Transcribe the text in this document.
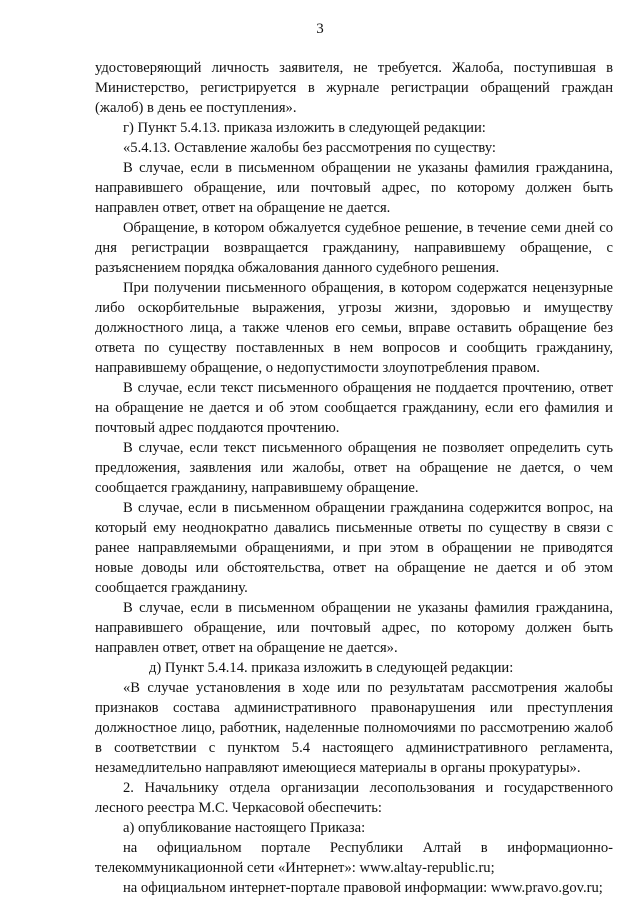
3

удостоверяющий личность заявителя, не требуется. Жалоба, поступившая в Министерство, регистрируется в журнале регистрации обращений граждан (жалоб) в день ее поступления».

г) Пункт 5.4.13. приказа изложить в следующей редакции:

«5.4.13. Оставление жалобы без рассмотрения по существу:

В случае, если в письменном обращении не указаны фамилия гражданина, направившего обращение, или почтовый адрес, по которому должен быть направлен ответ, ответ на обращение не дается.

Обращение, в котором обжалуется судебное решение, в течение семи дней со дня регистрации возвращается гражданину, направившему обращение, с разъяснением порядка обжалования данного судебного решения.

При получении письменного обращения, в котором содержатся нецензурные либо оскорбительные выражения, угрозы жизни, здоровью и имуществу должностного лица, а также членов его семьи, вправе оставить обращение без ответа по существу поставленных в нем вопросов и сообщить гражданину, направившему обращение, о недопустимости злоупотребления правом.

В случае, если текст письменного обращения не поддается прочтению, ответ на обращение не дается и об этом сообщается гражданину, если его фамилия и почтовый адрес поддаются прочтению.

В случае, если текст письменного обращения не позволяет определить суть предложения, заявления или жалобы, ответ на обращение не дается, о чем сообщается гражданину, направившему обращение.

В случае, если в письменном обращении гражданина содержится вопрос, на который ему неоднократно давались письменные ответы по существу в связи с ранее направляемыми обращениями, и при этом в обращении не приводятся новые доводы или обстоятельства, ответ на обращение не дается и об этом сообщается гражданину.

В случае, если в письменном обращении не указаны фамилия гражданина, направившего обращение, или почтовый адрес, по которому должен быть направлен ответ, ответ на обращение не дается».

д) Пункт 5.4.14. приказа изложить в следующей редакции:

«В случае установления в ходе или по результатам рассмотрения жалобы признаков состава административного правонарушения или преступления должностное лицо, работник, наделенные полномочиями по рассмотрению жалоб в соответствии с пунктом 5.4 настоящего административного регламента, незамедлительно направляют имеющиеся материалы в органы прокуратуры».

2. Начальнику отдела организации лесопользования и государственного лесного реестра М.С. Черкасовой обеспечить:

а) опубликование настоящего Приказа:

на официальном портале Республики Алтай в информационно-телекоммуникационной сети «Интернет»: www.altay-republic.ru;

на официальном интернет-портале правовой информации: www.pravo.gov.ru;
